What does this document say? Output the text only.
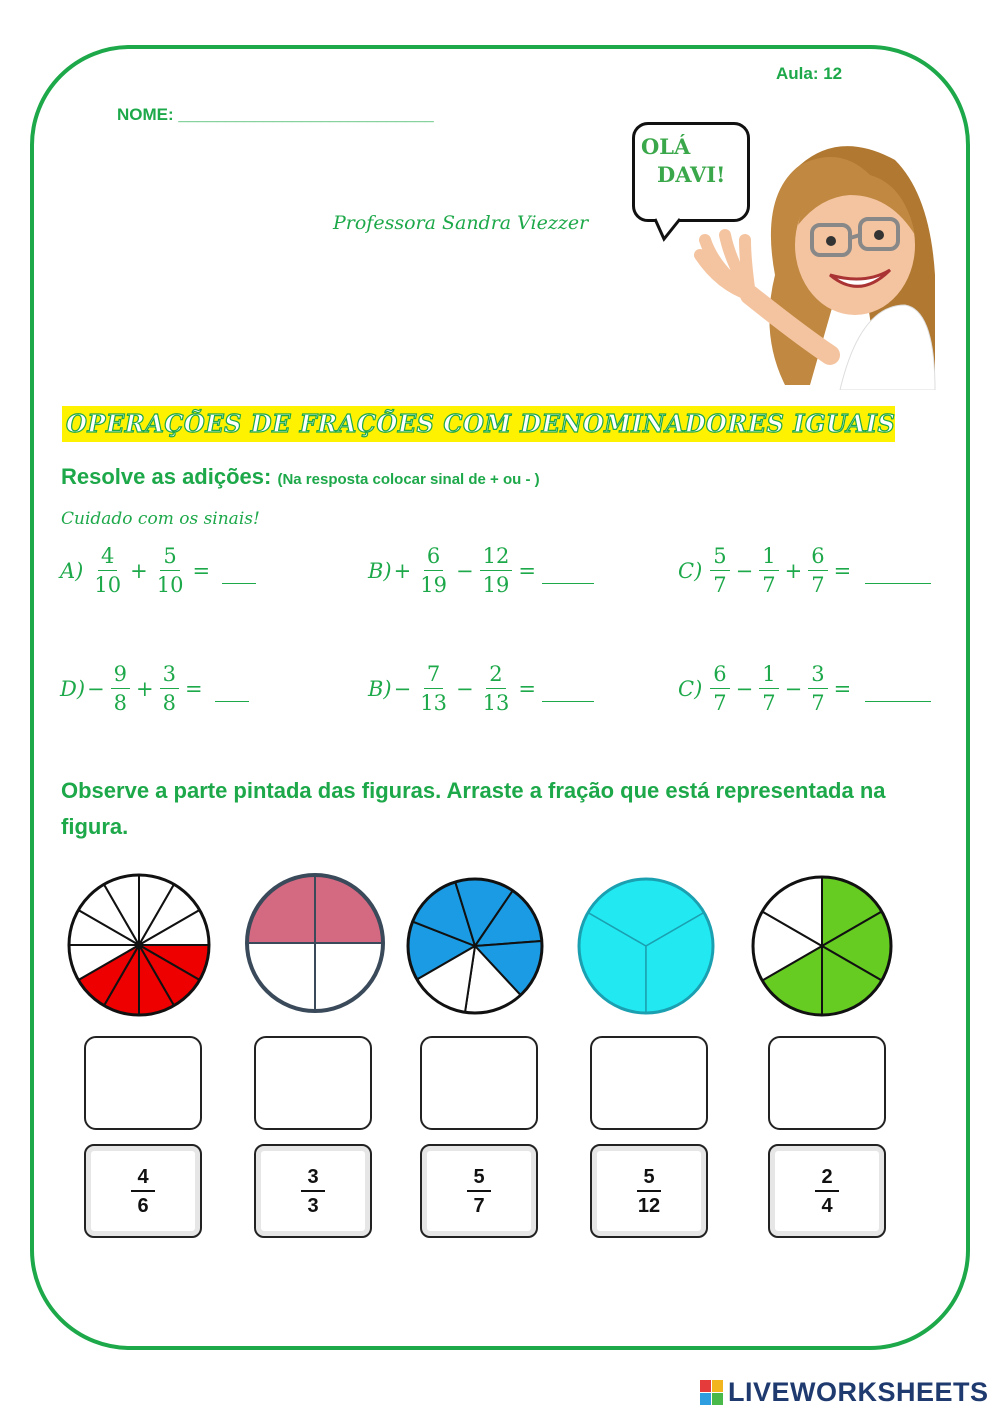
Aula: 12
NOME: ___________________________
Professora Sandra Viezzer
OLÁ
DAVI!
OPERAÇÕES DE FRAÇÕES COM DENOMINADORES IGUAIS
Resolve as adições: (Na resposta colocar sinal de + ou - )
Cuidado com os sinais!
$A) \frac{4}{10} + \frac{5}{10}$ =	$B) + \frac{6}{19} - \frac{12}{19}$ =	$C) \frac{5}{7} - \frac{1}{7} + \frac{6}{7}$ =
$D) - \frac{9}{8} + \frac{3}{8}$ =	$B) - \frac{7}{13} - \frac{2}{13}$ =	$C) \frac{6}{7} - \frac{1}{7} - \frac{3}{7}$ =
Observe a parte pintada das figuras. Arraste a fração que está representada na figura.
$\frac{4}{6}$	$\frac{3}{3}$	$\frac{5}{7}$	$\frac{5}{12}$	$\frac{2}{4}$
LIVEWORKSHEETS
